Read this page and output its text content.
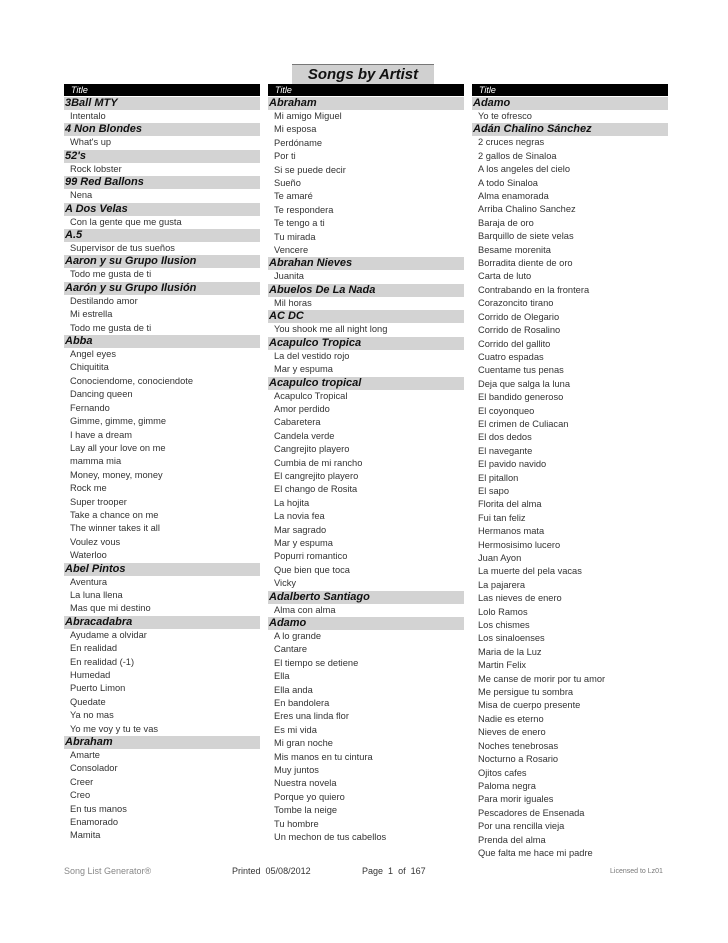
Songs by Artist
Title
3Ball MTY
Intentalo
4 Non Blondes
What's up
52's
Rock lobster
99 Red Ballons
Nena
A Dos Velas
Con la gente que me gusta
A.5
Supervisor de tus sueños
Aaron y su Grupo Ilusion
Todo me gusta de ti
Aarón y su Grupo Ilusión
Destilando amor
Mi estrella
Todo me gusta de ti
Abba
Angel eyes
Chiquitita
Conociendome, conociendote
Dancing queen
Fernando
Gimme, gimme, gimme
I have a dream
Lay all your love on me
mamma mia
Money, money, money
Rock me
Super trooper
Take a chance on me
The winner takes it all
Voulez vous
Waterloo
Abel Pintos
Aventura
La luna llena
Mas que mi destino
Abracadabra
Ayudame a olvidar
En realidad
En realidad (-1)
Humedad
Puerto Limon
Quedate
Ya no mas
Yo me voy y tu te vas
Abraham
Amarte
Consolador
Creer
Creo
En tus manos
Enamorado
Mamita
Title
Abraham
Mi amigo Miguel
Mi esposa
Perdóname
Por ti
Si se puede decir
Sueño
Te amaré
Te respondera
Te tengo a ti
Tu mirada
Vencere
Abrahan Nieves
Juanita
Abuelos De La Nada
Mil horas
AC DC
You shook me all night long
Acapulco Tropica
La del vestido rojo
Mar y espuma
Acapulco tropical
Acapulco Tropical
Amor perdido
Cabaretera
Candela verde
Cangrejito playero
Cumbia de mi rancho
El cangrejito playero
El chango de Rosita
La hojita
La novia fea
Mar sagrado
Mar y espuma
Popurri romantico
Que bien que toca
Vicky
Adalberto Santiago
Alma con alma
Adamo
A lo grande
Cantare
El tiempo se detiene
Ella
Ella anda
En bandolera
Eres una linda flor
Es mi vida
Mi gran noche
Mis manos en tu cintura
Muy juntos
Nuestra novela
Porque yo quiero
Tombe la neige
Tu hombre
Un mechon de tus cabellos
Title
Adamo
Yo te ofresco
Adán Chalino Sánchez
2 cruces negras
2 gallos de Sinaloa
A los angeles del cielo
A todo Sinaloa
Alma enamorada
Arriba Chalino Sanchez
Baraja de oro
Barquillo de siete velas
Besame morenita
Borradita diente de oro
Carta de luto
Contrabando en la frontera
Corazoncito tirano
Corrido de Olegario
Corrido de Rosalino
Corrido del gallito
Cuatro espadas
Cuentame tus penas
Deja que salga la luna
El bandido generoso
El coyonqueo
El crimen de Culiacan
El dos dedos
El navegante
El pavido navido
El pitallon
El sapo
Florita del alma
Fui tan feliz
Hermanos mata
Hermosisimo lucero
Juan Ayon
La muerte del pela vacas
La pajarera
Las nieves de enero
Lolo Ramos
Los chismes
Los sinaloenses
Maria de la Luz
Martin Felix
Me canse de morir por tu amor
Me persigue tu sombra
Misa de cuerpo presente
Nadie es eterno
Nieves de enero
Noches tenebrosas
Nocturno a Rosario
Ojitos cafes
Paloma negra
Para morir iguales
Pescadores de Ensenada
Por una rencilla vieja
Prenda del alma
Que falta me hace mi padre
Song List Generator®	Printed 05/08/2012	Page 1 of 167	Licensed to Lz01
